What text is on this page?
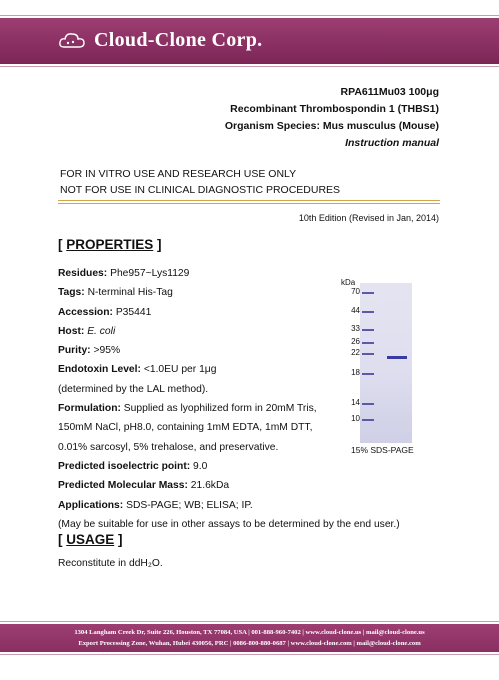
Cloud-Clone Corp.
RPA611Mu03 100μg
Recombinant Thrombospondin 1 (THBS1)
Organism Species: Mus musculus (Mouse)
Instruction manual
FOR IN VITRO USE AND RESEARCH USE ONLY
NOT FOR USE IN CLINICAL DIAGNOSTIC PROCEDURES
10th Edition (Revised in Jan, 2014)
[ PROPERTIES ]
Residues: Phe957~Lys1129
Tags: N-terminal His-Tag
Accession: P35441
Host: E. coli
Purity: >95%
Endotoxin Level: <1.0EU per 1μg
(determined by the LAL method).
Formulation: Supplied as lyophilized form in 20mM Tris,
150mM NaCl, pH8.0, containing 1mM EDTA, 1mM DTT,
0.01% sarcosyl, 5% trehalose, and preservative.
Predicted isoelectric point: 9.0
Predicted Molecular Mass: 21.6kDa
Applications: SDS-PAGE; WB; ELISA; IP.
(May be suitable for use in other assays to be determined by the end user.)
kDa
70
44
33
26
22
18
14
10
15% SDS-PAGE
[ USAGE ]
Reconstitute in ddH₂O.
1304 Langham Creek Dr, Suite 226, Houston, TX 77084, USA | 001-888-960-7402 | www.cloud-clone.us | mail@cloud-clone.us
Export Processing Zone, Wuhan, Hubei 430056, PRC | 0086-800-880-0687 | www.cloud-clone.com | mail@cloud-clone.com
